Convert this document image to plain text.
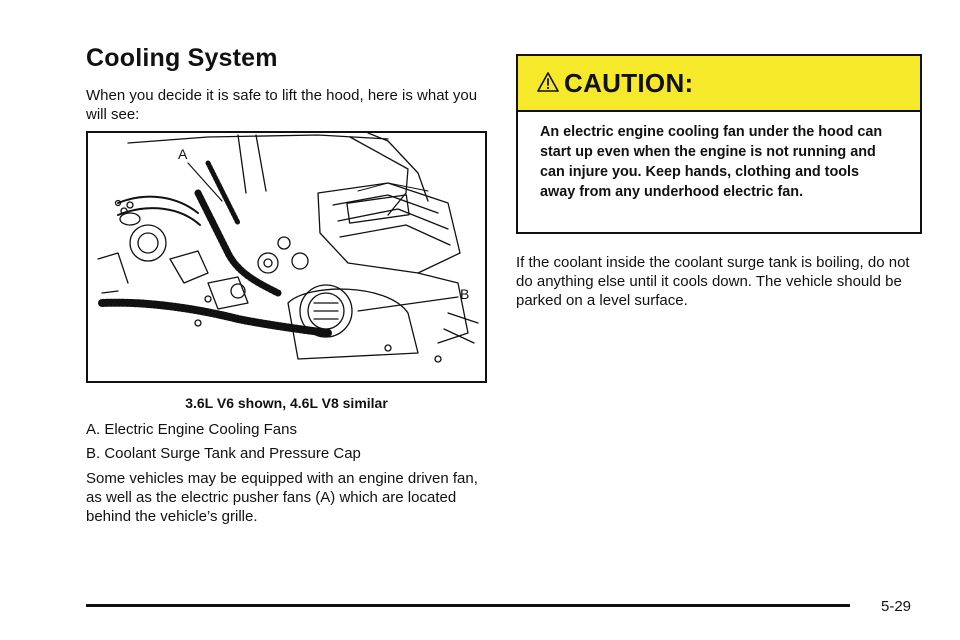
Cooling System

When you decide it is safe to lift the hood, here is what you will see:

A
B

3.6L V6 shown, 4.6L V8 similar

A. Electric Engine Cooling Fans
B. Coolant Surge Tank and Pressure Cap

Some vehicles may be equipped with an engine driven fan, as well as the electric pusher fans (A) which are located behind the vehicle’s grille.

CAUTION:

An electric engine cooling fan under the hood can start up even when the engine is not running and can injure you. Keep hands, clothing and tools away from any underhood electric fan.

If the coolant inside the coolant surge tank is boiling, do not do anything else until it cools down. The vehicle should be parked on a level surface.

5-29
